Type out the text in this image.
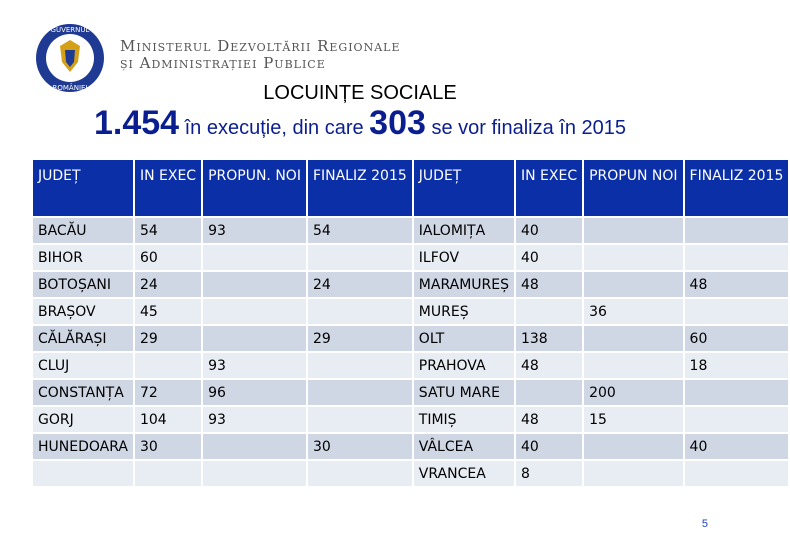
GUVERNUL
ROMÂNIEI
Ministerul Dezvoltării Regionale
și Administrației Publice
LOCUINȚE SOCIALE
1.454 în execuție, din care 303 se vor finaliza în 2015
JUDEȚ	IN EXEC	PROPUN. NOI	FINALIZ 2015	JUDEȚ	IN EXEC	PROPUN NOI	FINALIZ 2015
BACĂU	54	93	54	IALOMIȚA	40		
BIHOR	60			ILFOV	40		
BOTOȘANI	24		24	MARAMUREȘ	48		48
BRAȘOV	45			MUREȘ		36	
CĂLĂRAȘI	29		29	OLT	138		60
CLUJ		93		PRAHOVA	48		18
CONSTANȚA	72	96		SATU MARE		200	
GORJ	104	93		TIMIȘ	48	15	
HUNEDOARA	30		30	VÂLCEA	40		40
				VRANCEA	8		
5
